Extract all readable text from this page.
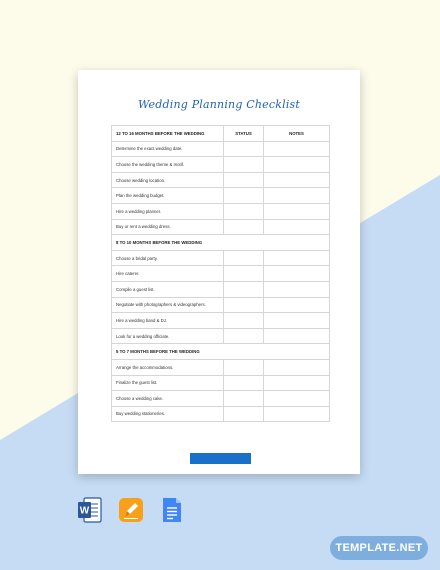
Wedding Planning Checklist
12 TO 16 MONTHS BEFORE THE WEDDING	STATUS	NOTES
Determine the exact wedding date.		
Choose the wedding theme & motif.		
Choose wedding location.		
Plan the wedding budget.		
Hire a wedding planner.		
Buy or rent a wedding dress.		
8 TO 10 MONTHS BEFORE THE WEDDING		
Choose a bridal party.		
Hire caterer.		
Compile a guest list.		
Negotiate with photographers & videographers.		
Hire a wedding band & DJ.		
Look for a wedding officiate.		
5 TO 7 MONTHS BEFORE THE WEDDING		
Arrange the accommodations.		
Finalize the guest list.		
Choose a wedding cake.		
Buy wedding stationeries.		
W
TEMPLATE.NET
